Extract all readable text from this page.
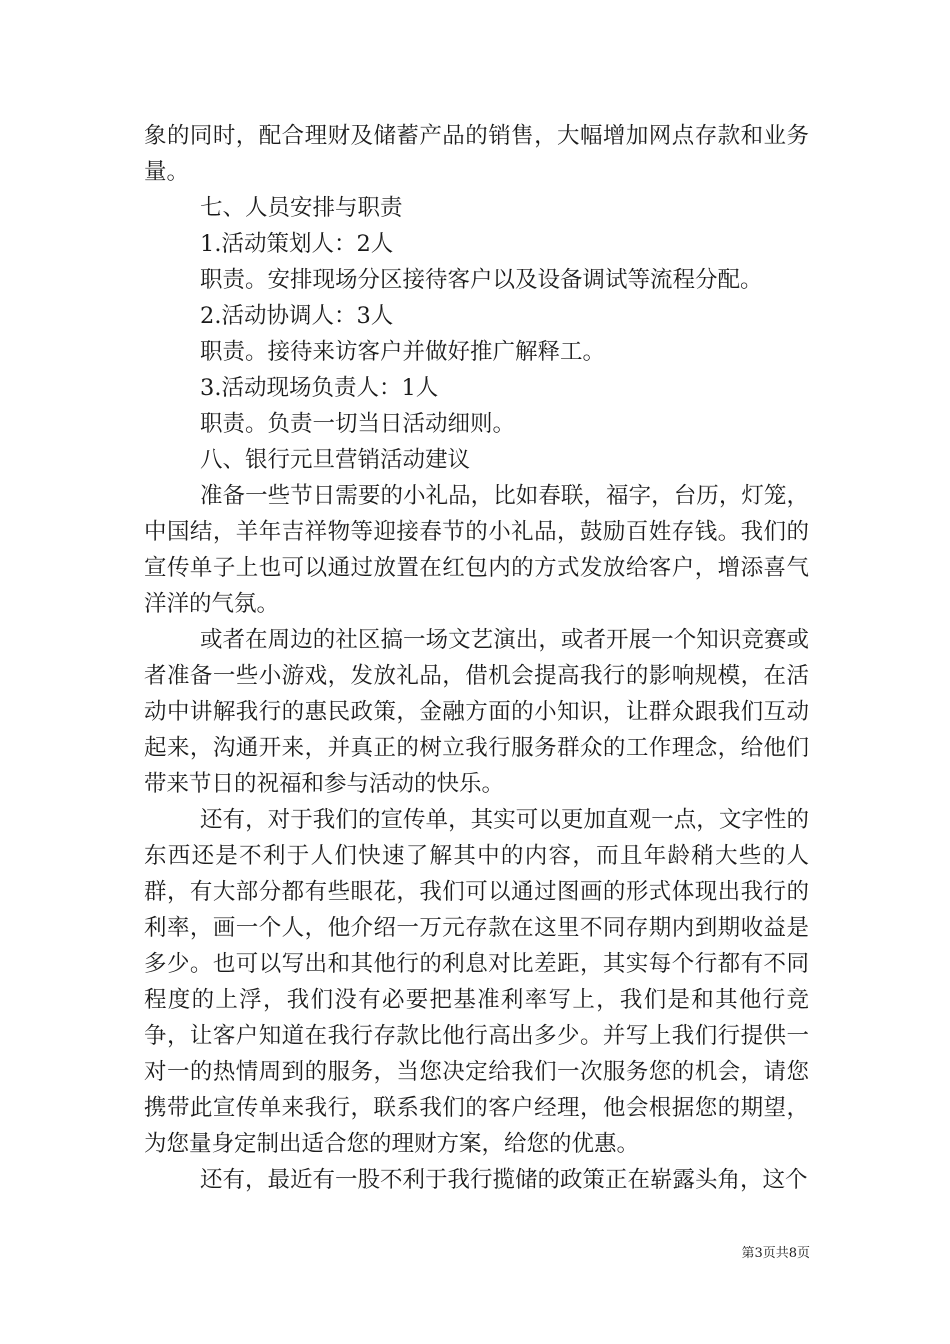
象的同时，配合理财及储蓄产品的销售，大幅增加网点存款和业务量。

七、人员安排与职责

1.活动策划人：2人

职责。安排现场分区接待客户以及设备调试等流程分配。

2.活动协调人：3人

职责。接待来访客户并做好推广解释工。

3.活动现场负责人：1人

职责。负责一切当日活动细则。

八、银行元旦营销活动建议

准备一些节日需要的小礼品，比如春联，福字，台历，灯笼，中国结，羊年吉祥物等迎接春节的小礼品，鼓励百姓存钱。我们的宣传单子上也可以通过放置在红包内的方式发放给客户，增添喜气洋洋的气氛。

或者在周边的社区搞一场文艺演出，或者开展一个知识竞赛或者准备一些小游戏，发放礼品，借机会提高我行的影响规模，在活动中讲解我行的惠民政策，金融方面的小知识，让群众跟我们互动起来，沟通开来，并真正的树立我行服务群众的工作理念，给他们带来节日的祝福和参与活动的快乐。

还有，对于我们的宣传单，其实可以更加直观一点，文字性的东西还是不利于人们快速了解其中的内容，而且年龄稍大些的人群，有大部分都有些眼花，我们可以通过图画的形式体现出我行的利率，画一个人，他介绍一万元存款在这里不同存期内到期收益是多少。也可以写出和其他行的利息对比差距，其实每个行都有不同程度的上浮，我们没有必要把基准利率写上，我们是和其他行竞争，让客户知道在我行存款比他行高出多少。并写上我们行提供一对一的热情周到的服务，当您决定给我们一次服务您的机会，请您携带此宣传单来我行，联系我们的客户经理，他会根据您的期望，为您量身定制出适合您的理财方案，给您的优惠。

还有，最近有一股不利于我行揽储的政策正在崭露头角，这个

第3页共8页
